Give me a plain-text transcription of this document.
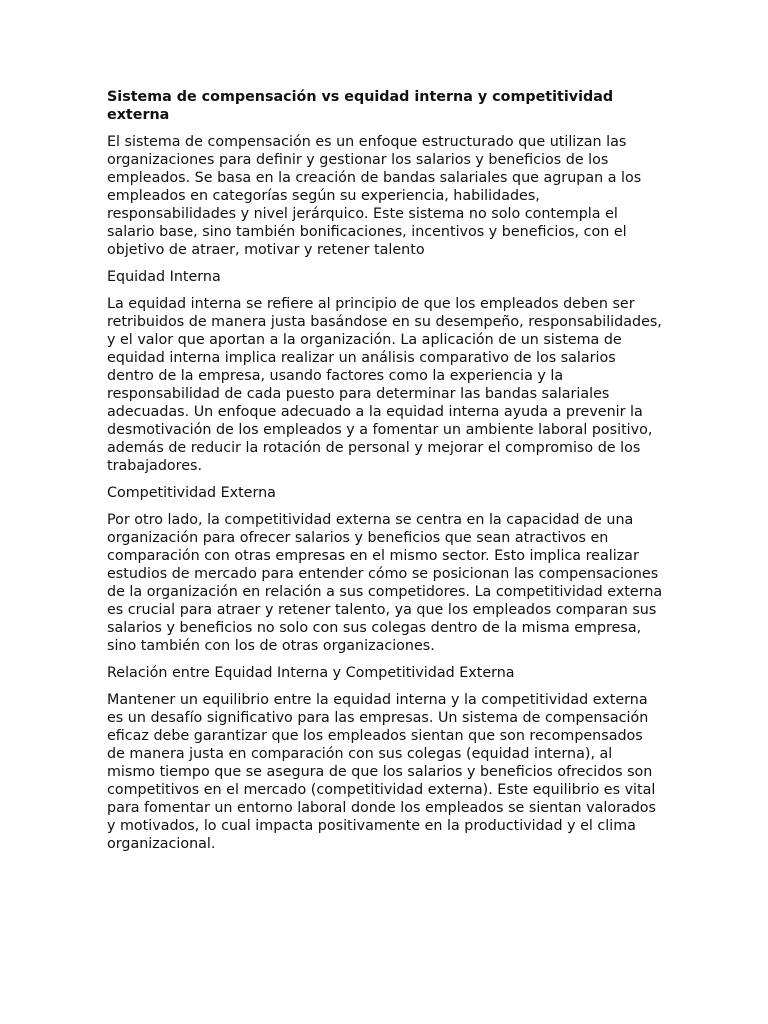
Sistema de compensación vs equidad interna y competitividad externa

El sistema de compensación es un enfoque estructurado que utilizan las organizaciones para definir y gestionar los salarios y beneficios de los empleados. Se basa en la creación de bandas salariales que agrupan a los empleados en categorías según su experiencia, habilidades, responsabilidades y nivel jerárquico. Este sistema no solo contempla el salario base, sino también bonificaciones, incentivos y beneficios, con el objetivo de atraer, motivar y retener talento

Equidad Interna

La equidad interna se refiere al principio de que los empleados deben ser retribuidos de manera justa basándose en su desempeño, responsabilidades, y el valor que aportan a la organización. La aplicación de un sistema de equidad interna implica realizar un análisis comparativo de los salarios dentro de la empresa, usando factores como la experiencia y la responsabilidad de cada puesto para determinar las bandas salariales adecuadas. Un enfoque adecuado a la equidad interna ayuda a prevenir la desmotivación de los empleados y a fomentar un ambiente laboral positivo, además de reducir la rotación de personal y mejorar el compromiso de los trabajadores.

Competitividad Externa

Por otro lado, la competitividad externa se centra en la capacidad de una organización para ofrecer salarios y beneficios que sean atractivos en comparación con otras empresas en el mismo sector. Esto implica realizar estudios de mercado para entender cómo se posicionan las compensaciones de la organización en relación a sus competidores. La competitividad externa es crucial para atraer y retener talento, ya que los empleados comparan sus salarios y beneficios no solo con sus colegas dentro de la misma empresa, sino también con los de otras organizaciones.

Relación entre Equidad Interna y Competitividad Externa

Mantener un equilibrio entre la equidad interna y la competitividad externa es un desafío significativo para las empresas. Un sistema de compensación eficaz debe garantizar que los empleados sientan que son recompensados de manera justa en comparación con sus colegas (equidad interna), al mismo tiempo que se asegura de que los salarios y beneficios ofrecidos son competitivos en el mercado (competitividad externa). Este equilibrio es vital para fomentar un entorno laboral donde los empleados se sientan valorados y motivados, lo cual impacta positivamente en la productividad y el clima organizacional.
